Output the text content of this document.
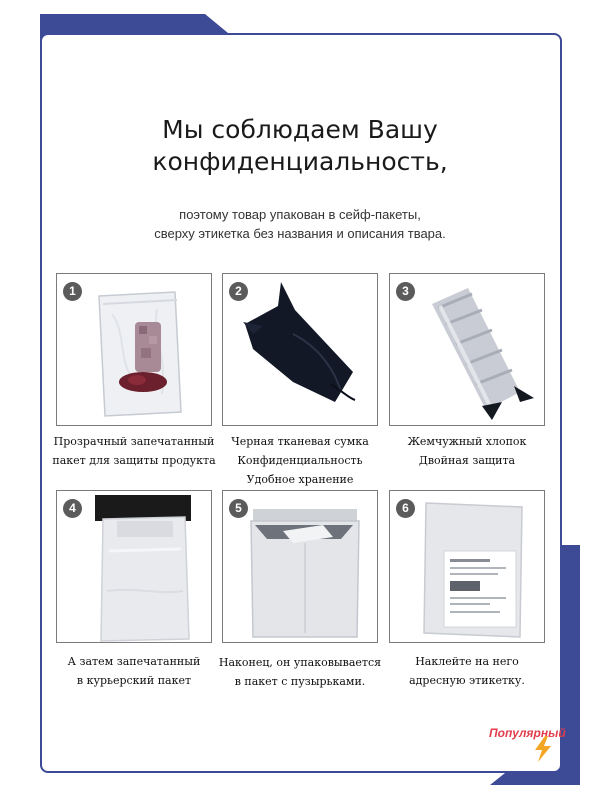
Мы соблюдаем Вашу
конфиденциальность,
поэтому товар упакован в сейф-пакеты,
сверху этикетка без названия и описания твара.
1	2	3
4	5	6
Прозрачный запечатанный
пакет для защиты продукта
Черная тканевая сумка
Конфиденциальность
Удобное хранение
Жемчужный хлопок
Двойная защита
А затем запечатанный
в курьерский пакет
Наконец, он упаковывается
в пакет с пузырьками.
Наклейте на него
адресную этикетку.
Популярный
